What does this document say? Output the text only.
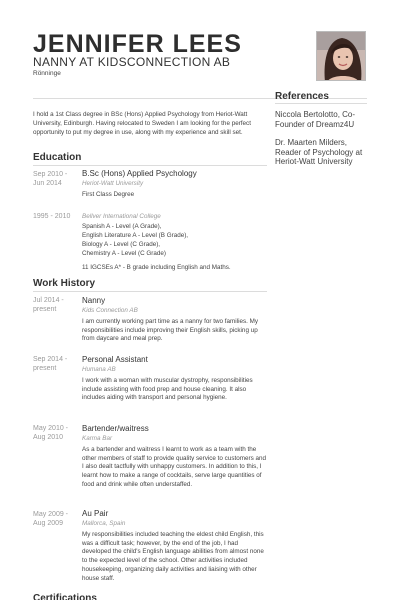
JENNIFER LEES
NANNY AT KIDSCONNECTION AB
Rönninge
I hold a 1st Class degree in BSc (Hons) Applied Psychology from Heriot-Watt University, Edinburgh. Having relocated to Sweden I am looking for the perfect opportunity to put my degree in use, along with my experience and skill set.
References
Niccola Bertolotto, Co-Founder of Dreamz4U
Dr. Maarten Milders, Reader of Psychology at Heriot-Watt University
Education
Sep 2010 - Jun 2014
B.Sc (Hons) Applied Psychology
Heriot-Watt University
First Class Degree
1995 - 2010	Bellver International College
Spanish A - Level (A Grade),
English Literature A - Level (B Grade),
Biology A - Level (C Grade),
Chemistry A - Level (C Grade)
11 IGCSEs A* - B grade including English and Maths.
Work History
Jul 2014 - present
Nanny
Kids Connection AB
I am currently working part time as a nanny for two families. My responsibilities include improving their English skills, picking up from daycare and meal prep.
Sep 2014 - present
Personal Assistant
Humana AB
I work with a woman with muscular dystrophy, responsibilities include assisting with food prep and house cleaning. It also includes aiding with transport and personal hygiene.
May 2010 - Aug 2010
Bartender/waitress
Karma Bar
As a bartender and waitress I learnt to work as a team with the other members of staff to provide quality service to customers and I also dealt tactfully with unhappy customers. In addition to this, I learnt how to make a range of cocktails, serve large quantities of food and drink while often understaffed.
May 2009 - Aug 2009
Au Pair
Mallorca, Spain
My responsibilities included teaching the eldest child English, this was a difficult task; however, by the end of the job, I had developed the child's English language abilities from almost none to the expected level of the school. Other activities included housekeeping, organizing daily activities and liaising with other house staff.
Certifications
